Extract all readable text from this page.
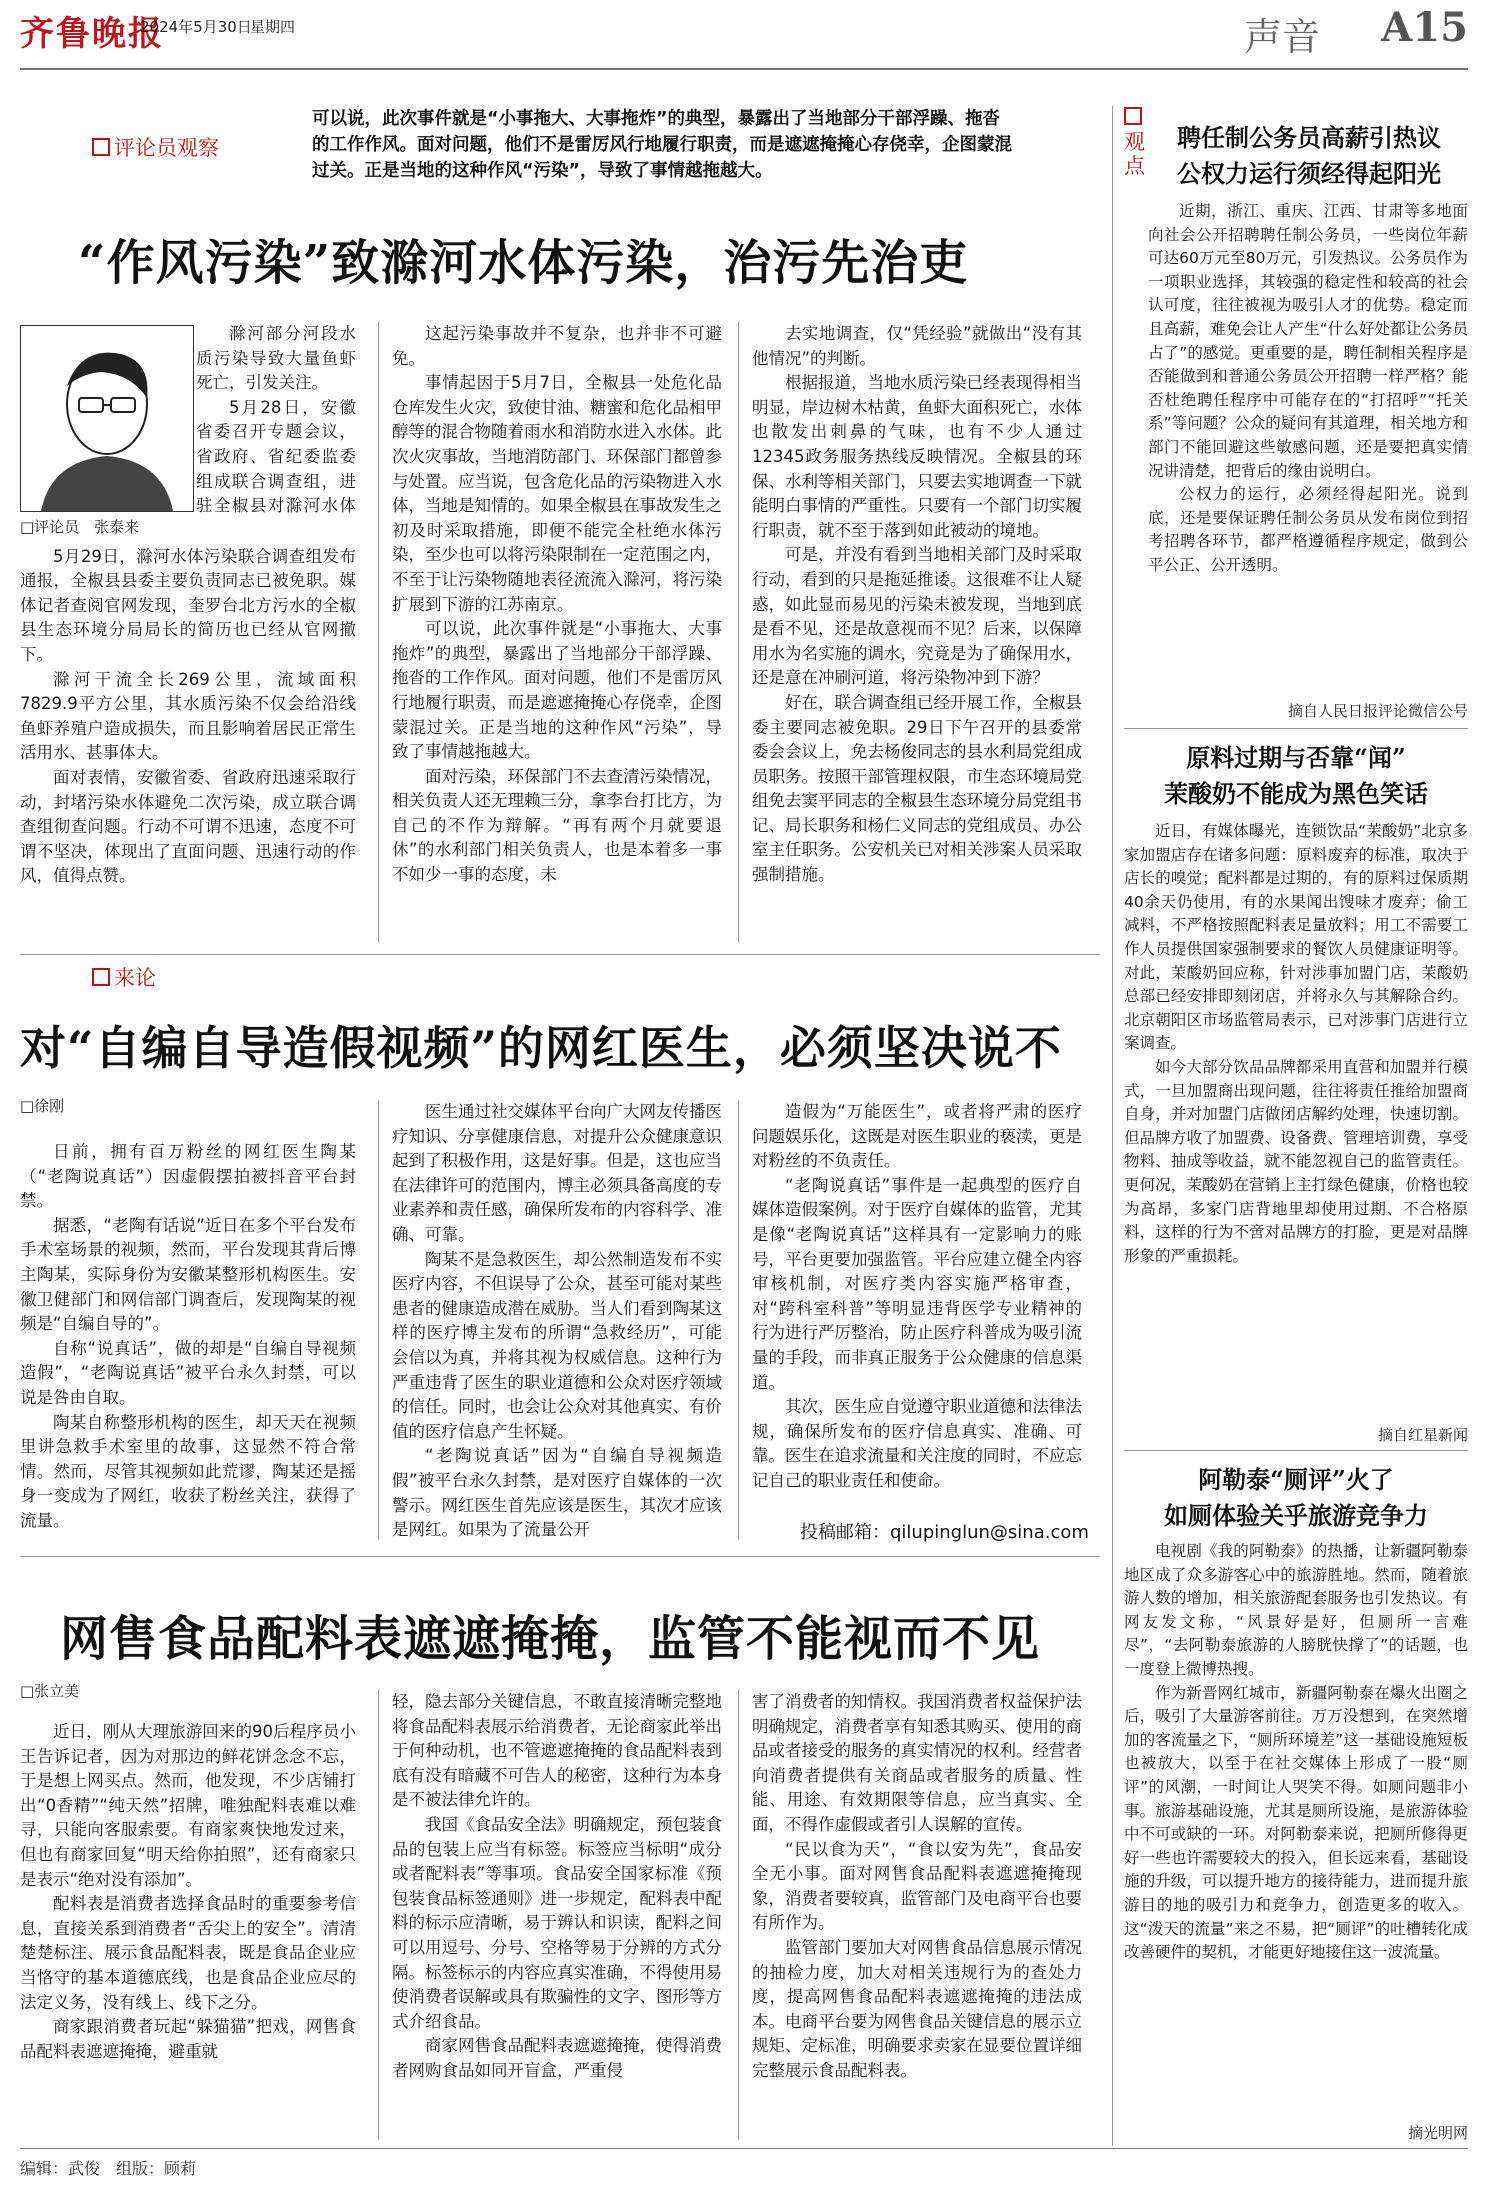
齐鲁晚报
2024年5月30日
星期四	声音 A15
评论员观察
可以说，此次事件就是“小事拖大、大事拖炸”的典型，暴露出了当地部分干部浮躁、拖沓的工作作风。面对问题，他们不是雷厉风行地履行职责，而是遮遮掩掩心存侥幸，企图蒙混过关。正是当地的这种作风“污染”，导致了事情越拖越大。
“作风污染”致滁河水体污染，治污先治吏
□评论员　张泰来

滁河部分河段水质污染导致大量鱼虾死亡，引发关注。

5月28日，安徽省委召开专题会议，省政府、省纪委监委组成联合调查组，进驻全椒县对滁河水体

5月29日，滁河水体污染联合调查组发布通报，全椒县县委主要负责同志已被免职。媒体记者查阅官网发现，奎罗台北方污水的全椒县生态环境分局局长的简历也已经从官网撤下。

滁河干流全长269公里，流域面积7829.9平方公里，其水质污染不仅会给沿线鱼虾养殖户造成损失，而且影响着居民正常生活用水、甚事体大。

面对表情，安徽省委、省政府迅速采取行动，封堵污染水体避免二次污染，成立联合调查组彻查问题。行动不可谓不迅速，态度不可谓不坚决，体现出了直面问题、迅速行动的作风，值得点赞。

这起污染事故并不复杂，也并非不可避免。

事情起因于5月7日，全椒县一处危化品仓库发生火灾，致使甘油、糖蜜和危化品相甲醇等的混合物随着雨水和消防水进入水体。此次火灾事故，当地消防部门、环保部门都曾参与处置。应当说，包含危化品的污染物进入水体，当地是知情的。如果全椒县在事故发生之初及时采取措施，即便不能完全杜绝水体污染，至少也可以将污染限制在一定范围之内，不至于让污染物随地表径流流入滁河，将污染扩展到下游的江苏南京。

可以说，此次事件就是“小事拖大、大事拖炸”的典型，暴露出了当地部分干部浮躁、拖沓的工作作风。面对问题，他们不是雷厉风行地履行职责，而是遮遮掩掩心存侥幸，企图蒙混过关。正是当地的这种作风“污染”，导致了事情越拖越大。

面对污染，环保部门不去查清污染情况，相关负责人还无理赖三分，拿李台打比方，为自己的不作为辩解。“再有两个月就要退休”的水利部门相关负责人，也是本着多一事不如少一事的态度，未

去实地调查，仅“凭经验”就做出“没有其他情况”的判断。

根据报道，当地水质污染已经表现得相当明显，岸边树木枯黄，鱼虾大面积死亡，水体也散发出刺鼻的气味，也有不少人通过12345政务服务热线反映情况。全椒县的环保、水利等相关部门，只要去实地调查一下就能明白事情的严重性。只要有一个部门切实履行职责，就不至于落到如此被动的境地。

可是，并没有看到当地相关部门及时采取行动，看到的只是拖延推诿。这很难不让人疑惑，如此显而易见的污染未被发现，当地到底是看不见，还是故意视而不见？后来，以保障用水为名实施的调水，究竟是为了确保用水，还是意在冲刷河道，将污染物冲到下游？

好在，联合调查组已经开展工作，全椒县委主要同志被免职。29日下午召开的县委常委会会议上，免去杨俊同志的县水利局党组成员职务。按照干部管理权限，市生态环境局党组免去窦平同志的全椒县生态环境分局党组书记、局长职务和杨仁义同志的党组成员、办公室主任职务。公安机关已对相关涉案人员采取强制措施。

来论
对“自编自导造假视频”的网红医生，必须坚决说不
□徐刚

日前，拥有百万粉丝的网红医生陶某（“老陶说真话”）因虚假摆拍被抖音平台封禁。

据悉，“老陶有话说”近日在多个平台发布手术室场景的视频，然而，平台发现其背后博主陶某，实际身份为安徽某整形机构医生。安徽卫健部门和网信部门调查后，发现陶某的视频是“自编自导的”。

自称“说真话”，做的却是“自编自导视频造假”，“老陶说真话”被平台永久封禁，可以说是咎由自取。

陶某自称整形机构的医生，却天天在视频里讲急救手术室里的故事，这显然不符合常情。然而，尽管其视频如此荒谬，陶某还是摇身一变成为了网红，收获了粉丝关注，获得了流量。

医生通过社交媒体平台向广大网友传播医疗知识、分享健康信息，对提升公众健康意识起到了积极作用，这是好事。但是，这也应当在法律许可的范围内，博主必须具备高度的专业素养和责任感，确保所发布的内容科学、准确、可靠。

陶某不是急救医生，却公然制造发布不实医疗内容，不但误导了公众，甚至可能对某些患者的健康造成潜在威胁。当人们看到陶某这样的医疗博主发布的所谓“急救经历”，可能会信以为真，并将其视为权威信息。这种行为严重违背了医生的职业道德和公众对医疗领域的信任。同时，也会让公众对其他真实、有价值的医疗信息产生怀疑。

“老陶说真话”因为“自编自导视频造假”被平台永久封禁，是对医疗自媒体的一次警示。网红医生首先应该是医生，其次才应该是网红。如果为了流量公开

造假为“万能医生”，或者将严肃的医疗问题娱乐化，这既是对医生职业的亵渎，更是对粉丝的不负责任。

“老陶说真话”事件是一起典型的医疗自媒体造假案例。对于医疗自媒体的监管，尤其是像“老陶说真话”这样具有一定影响力的账号，平台更要加强监管。平台应建立健全内容审核机制，对医疗类内容实施严格审查，对“跨科室科普”等明显违背医学专业精神的行为进行严厉整治，防止医疗科普成为吸引流量的手段，而非真正服务于公众健康的信息渠道。

其次，医生应自觉遵守职业道德和法律法规，确保所发布的医疗信息真实、准确、可靠。医生在追求流量和关注度的同时，不应忘记自己的职业责任和使命。

投稿邮箱：qilupinglun@sina.com
网售食品配料表遮遮掩掩，监管不能视而不见
□张立美

近日，刚从大理旅游回来的90后程序员小王告诉记者，因为对那边的鲜花饼念念不忘，于是想上网买点。然而，他发现，不少店铺打出“0香精”“纯天然”招牌，唯独配料表难以难寻，只能向客服索要。有商家爽快地发过来，但也有商家回复“明天给你拍照”，还有商家只是表示“绝对没有添加”。

配料表是消费者选择食品时的重要参考信息，直接关系到消费者“舌尖上的安全”。清清楚楚标注、展示食品配料表，既是食品企业应当恪守的基本道德底线，也是食品企业应尽的法定义务，没有线上、线下之分。

商家跟消费者玩起“躲猫猫”把戏，网售食品配料表遮遮掩掩，避重就

轻，隐去部分关键信息，不敢直接清晰完整地将食品配料表展示给消费者，无论商家此举出于何种动机，也不管遮遮掩掩的食品配料表到底有没有暗藏不可告人的秘密，这种行为本身是不被法律允许的。

我国《食品安全法》明确规定，预包装食品的包装上应当有标签。标签应当标明“成分或者配料表”等事项。食品安全国家标准《预包装食品标签通则》进一步规定，配料表中配料的标示应清晰，易于辨认和识读，配料之间可以用逗号、分号、空格等易于分辨的方式分隔。标签标示的内容应真实准确，不得使用易使消费者误解或具有欺骗性的文字、图形等方式介绍食品。

商家网售食品配料表遮遮掩掩，使得消费者网购食品如同开盲盒，严重侵

害了消费者的知情权。我国消费者权益保护法明确规定，消费者享有知悉其购买、使用的商品或者接受的服务的真实情况的权利。经营者向消费者提供有关商品或者服务的质量、性能、用途、有效期限等信息，应当真实、全面，不得作虚假或者引人误解的宣传。

“民以食为天”，“食以安为先”，食品安全无小事。面对网售食品配料表遮遮掩掩现象，消费者要较真，监管部门及电商平台也要有所作为。

监管部门要加大对网售食品信息展示情况的抽检力度，加大对相关违规行为的查处力度，提高网售食品配料表遮遮掩掩的违法成本。电商平台要为网售食品关键信息的展示立规矩、定标准，明确要求卖家在显要位置详细完整展示食品配料表。

观点
聘任制公务员高薪引热议
公权力运行须经得起阳光

近期，浙江、重庆、江西、甘肃等多地面向社会公开招聘聘任制公务员，一些岗位年薪可达60万元至80万元，引发热议。公务员作为一项职业选择，其较强的稳定性和较高的社会认可度，往往被视为吸引人才的优势。稳定而且高薪，难免会让人产生“什么好处都让公务员占了”的感觉。更重要的是，聘任制相关程序是否能做到和普通公务员公开招聘一样严格？能否杜绝聘任程序中可能存在的“打招呼”“托关系”等问题？公众的疑问有其道理，相关地方和部门不能回避这些敏感问题，还是要把真实情况讲清楚，把背后的缘由说明白。

公权力的运行，必须经得起阳光。说到底，还是要保证聘任制公务员从发布岗位到招考招聘各环节，都严格遵循程序规定，做到公平公正、公开透明。

摘自人民日报评论微信公号
原料过期与否靠“闻”
茉酸奶不能成为黑色笑话

近日，有媒体曝光，连锁饮品“茉酸奶”北京多家加盟店存在诸多问题：原料废弃的标准，取决于店长的嗅觉；配料都是过期的，有的原料过保质期40余天仍使用，有的水果闻出馊味才废弃；偷工减料，不严格按照配料表足量放料；用工不需要工作人员提供国家强制要求的餐饮人员健康证明等。对此，茉酸奶回应称，针对涉事加盟门店，茉酸奶总部已经安排即刻闭店，并将永久与其解除合约。北京朝阳区市场监管局表示，已对涉事门店进行立案调查。

如今大部分饮品品牌都采用直营和加盟并行模式，一旦加盟商出现问题，往往将责任推给加盟商自身，并对加盟门店做闭店解约处理，快速切割。但品牌方收了加盟费、设备费、管理培训费，享受物料、抽成等收益，就不能忽视自己的监管责任。更何况，茉酸奶在营销上主打绿色健康，价格也较为高昂，多家门店背地里却使用过期、不合格原料，这样的行为不啻对品牌方的打脸，更是对品牌形象的严重损耗。

摘自红星新闻
阿勒泰“厕评”火了
如厕体验关乎旅游竞争力

电视剧《我的阿勒泰》的热播，让新疆阿勒泰地区成了众多游客心中的旅游胜地。然而，随着旅游人数的增加，相关旅游配套服务也引发热议。有网友发文称，“风景好是好，但厕所一言难尽”，“去阿勒泰旅游的人膀胱快撑了”的话题，也一度登上微博热搜。

作为新晋网红城市，新疆阿勒泰在爆火出圈之后，吸引了大量游客前往。万万没想到，在突然增加的客流量之下，“厕所环境差”这一基础设施短板也被放大，以至于在社交媒体上形成了一股“厕评”的风潮，一时间让人哭笑不得。如厕问题非小事。旅游基础设施，尤其是厕所设施，是旅游体验中不可或缺的一环。对阿勒泰来说，把厕所修得更好一些也许需要较大的投入，但长远来看，基础设施的升级，可以提升地方的接待能力，进而提升旅游目的地的吸引力和竞争力，创造更多的收入。这“泼天的流量”来之不易，把“厕评”的吐槽转化成改善硬件的契机，才能更好地接住这一波流量。

摘光明网
编辑：武俊　组版：顾莉
